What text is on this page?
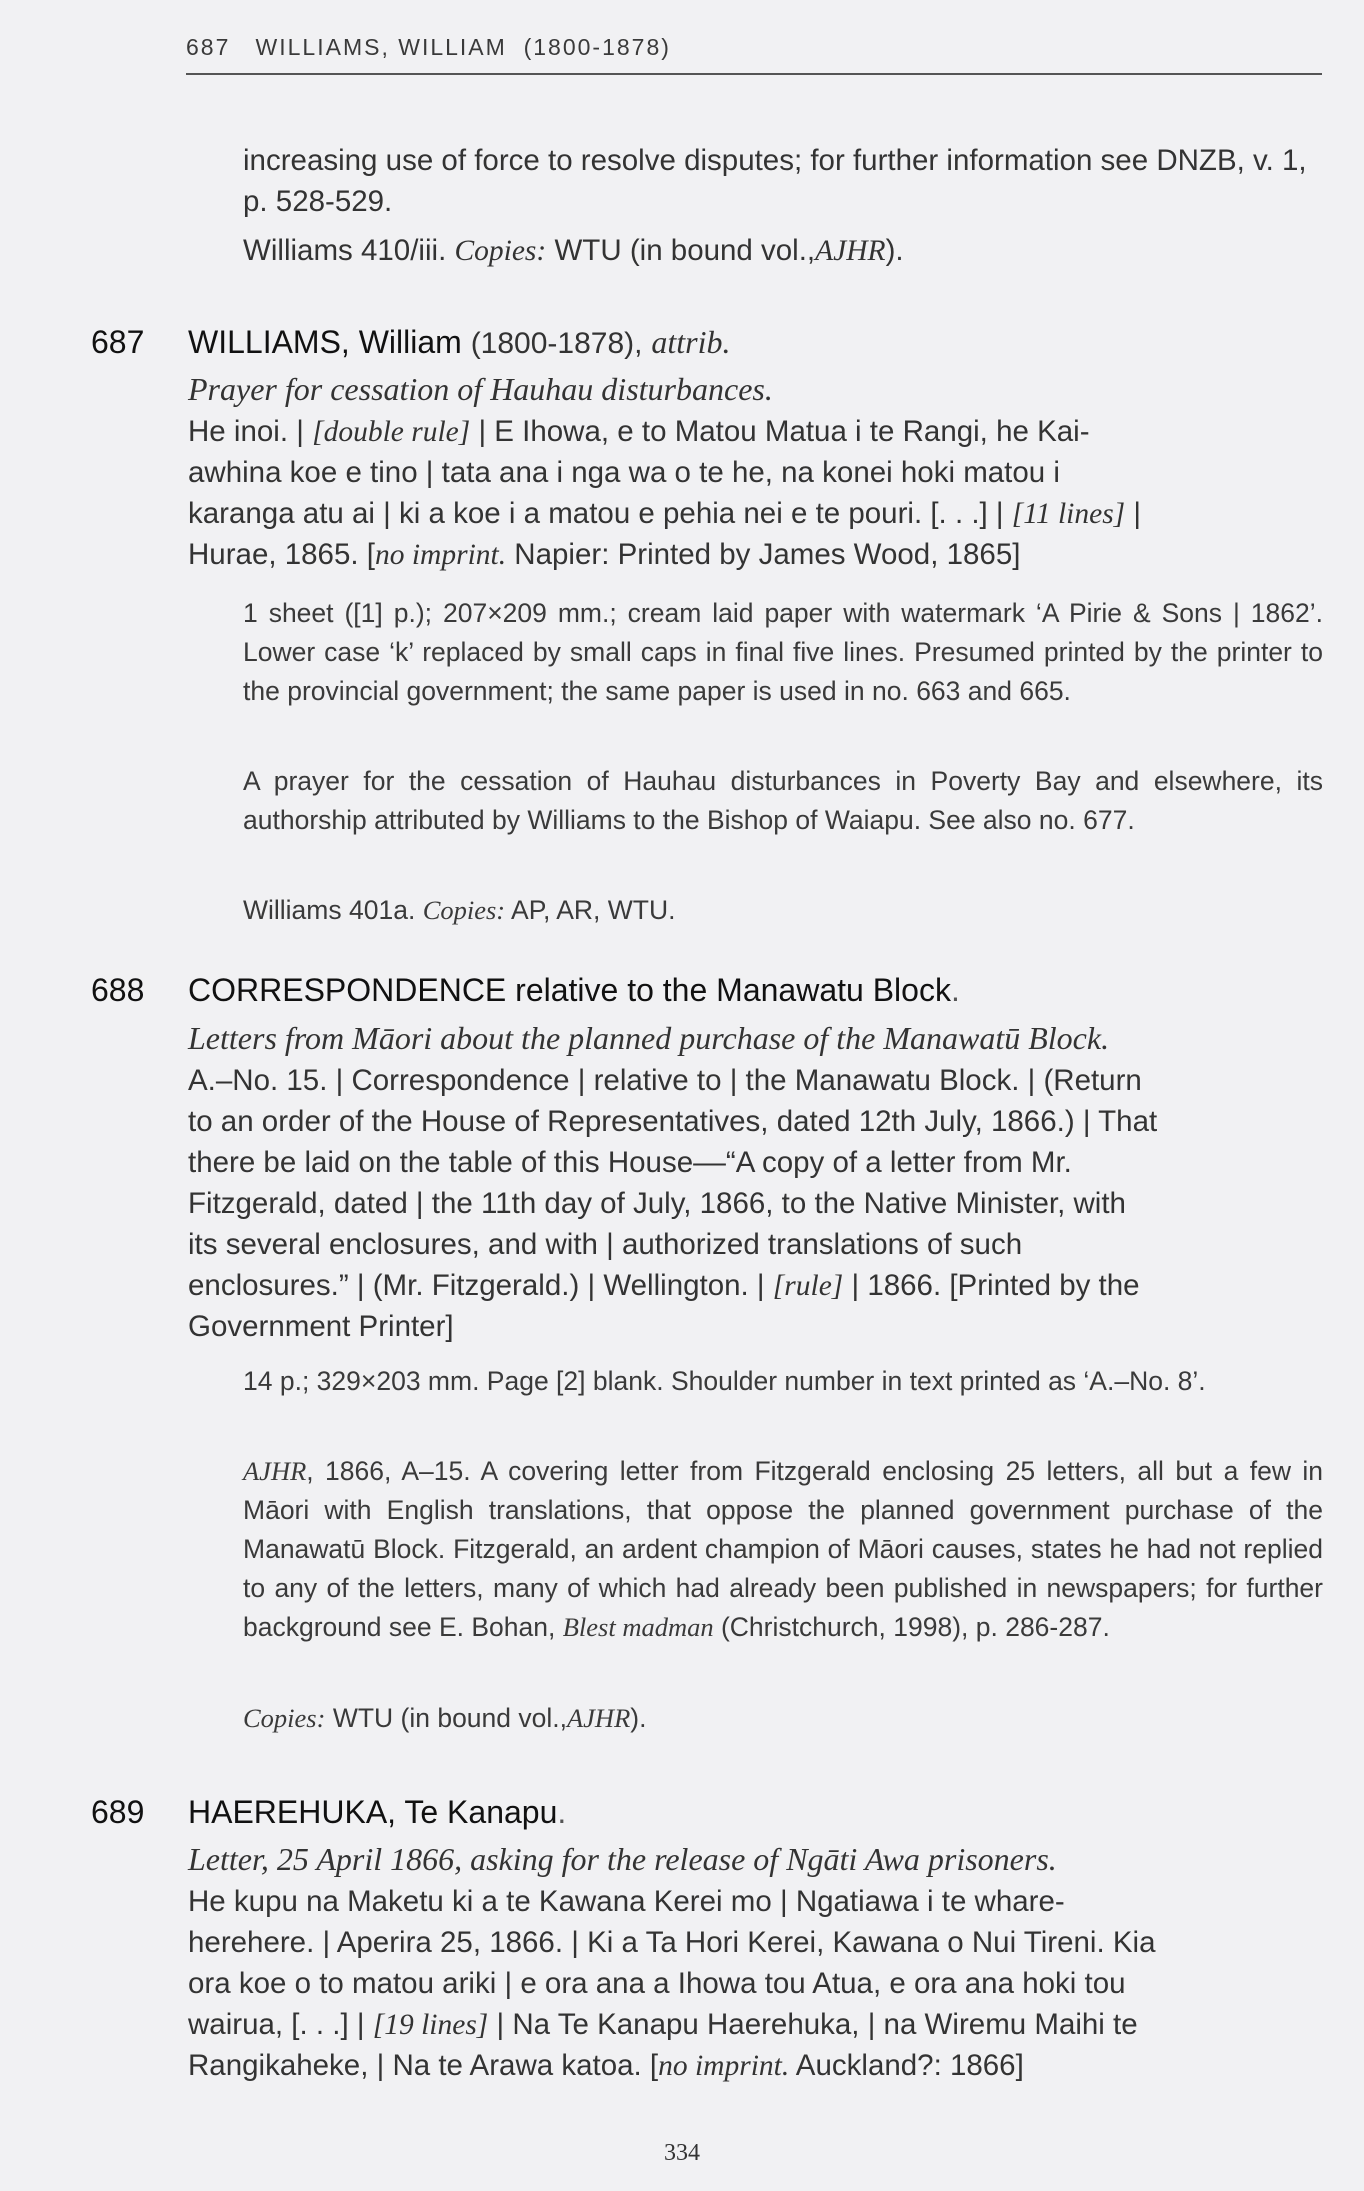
687   WILLIAMS, WILLIAM  (1800-1878)
increasing use of force to resolve disputes; for further information see DNZB, v. 1, p. 528-529.
Williams 410/iii. Copies: WTU (in bound vol.,AJHR).
687 WILLIAMS, William (1800-1878), attrib.
Prayer for cessation of Hauhau disturbances.
He inoi. | [double rule] | E Ihowa, e to Matou Matua i te Rangi, he Kai-
awhina koe e tino | tata ana i nga wa o te he, na konei hoki matou i
karanga atu ai | ki a koe i a matou e pehia nei e te pouri. [. . .] | [11 lines] |
Hurae, 1865. [no imprint. Napier: Printed by James Wood, 1865]
1 sheet ([1] p.); 207×209 mm.; cream laid paper with watermark ‘A Pirie & Sons | 1862’. Lower case ‘k’ replaced by small caps in final five lines. Presumed printed by the printer to the provincial government; the same paper is used in no. 663 and 665.
A prayer for the cessation of Hauhau disturbances in Poverty Bay and elsewhere, its authorship attributed by Williams to the Bishop of Waiapu. See also no. 677.
Williams 401a. Copies: AP, AR, WTU.
688 CORRESPONDENCE relative to the Manawatu Block.
Letters from Māori about the planned purchase of the Manawatū Block.
A.–No. 15. | Correspondence | relative to | the Manawatu Block. | (Return
to an order of the House of Representatives, dated 12th July, 1866.) | That
there be laid on the table of this House––“A copy of a letter from Mr.
Fitzgerald, dated | the 11th day of July, 1866, to the Native Minister, with
its several enclosures, and with | authorized translations of such
enclosures.” | (Mr. Fitzgerald.) | Wellington. | [rule] | 1866. [Printed by the
Government Printer]
14 p.; 329×203 mm. Page [2] blank. Shoulder number in text printed as ‘A.–No. 8’.
AJHR, 1866, A–15. A covering letter from Fitzgerald enclosing 25 letters, all but a few in Māori with English translations, that oppose the planned government purchase of the Manawatū Block. Fitzgerald, an ardent champion of Māori causes, states he had not replied to any of the letters, many of which had already been published in newspapers; for further background see E. Bohan, Blest madman (Christchurch, 1998), p. 286-287.
Copies: WTU (in bound vol.,AJHR).
689 HAEREHUKA, Te Kanapu.
Letter, 25 April 1866, asking for the release of Ngāti Awa prisoners.
He kupu na Maketu ki a te Kawana Kerei mo | Ngatiawa i te whare-
herehere. | Aperira 25, 1866. | Ki a Ta Hori Kerei, Kawana o Nui Tireni. Kia
ora koe o to matou ariki | e ora ana a Ihowa tou Atua, e ora ana hoki tou
wairua, [. . .] | [19 lines] | Na Te Kanapu Haerehuka, | na Wiremu Maihi te
Rangikaheke, | Na te Arawa katoa. [no imprint. Auckland?: 1866]
334
